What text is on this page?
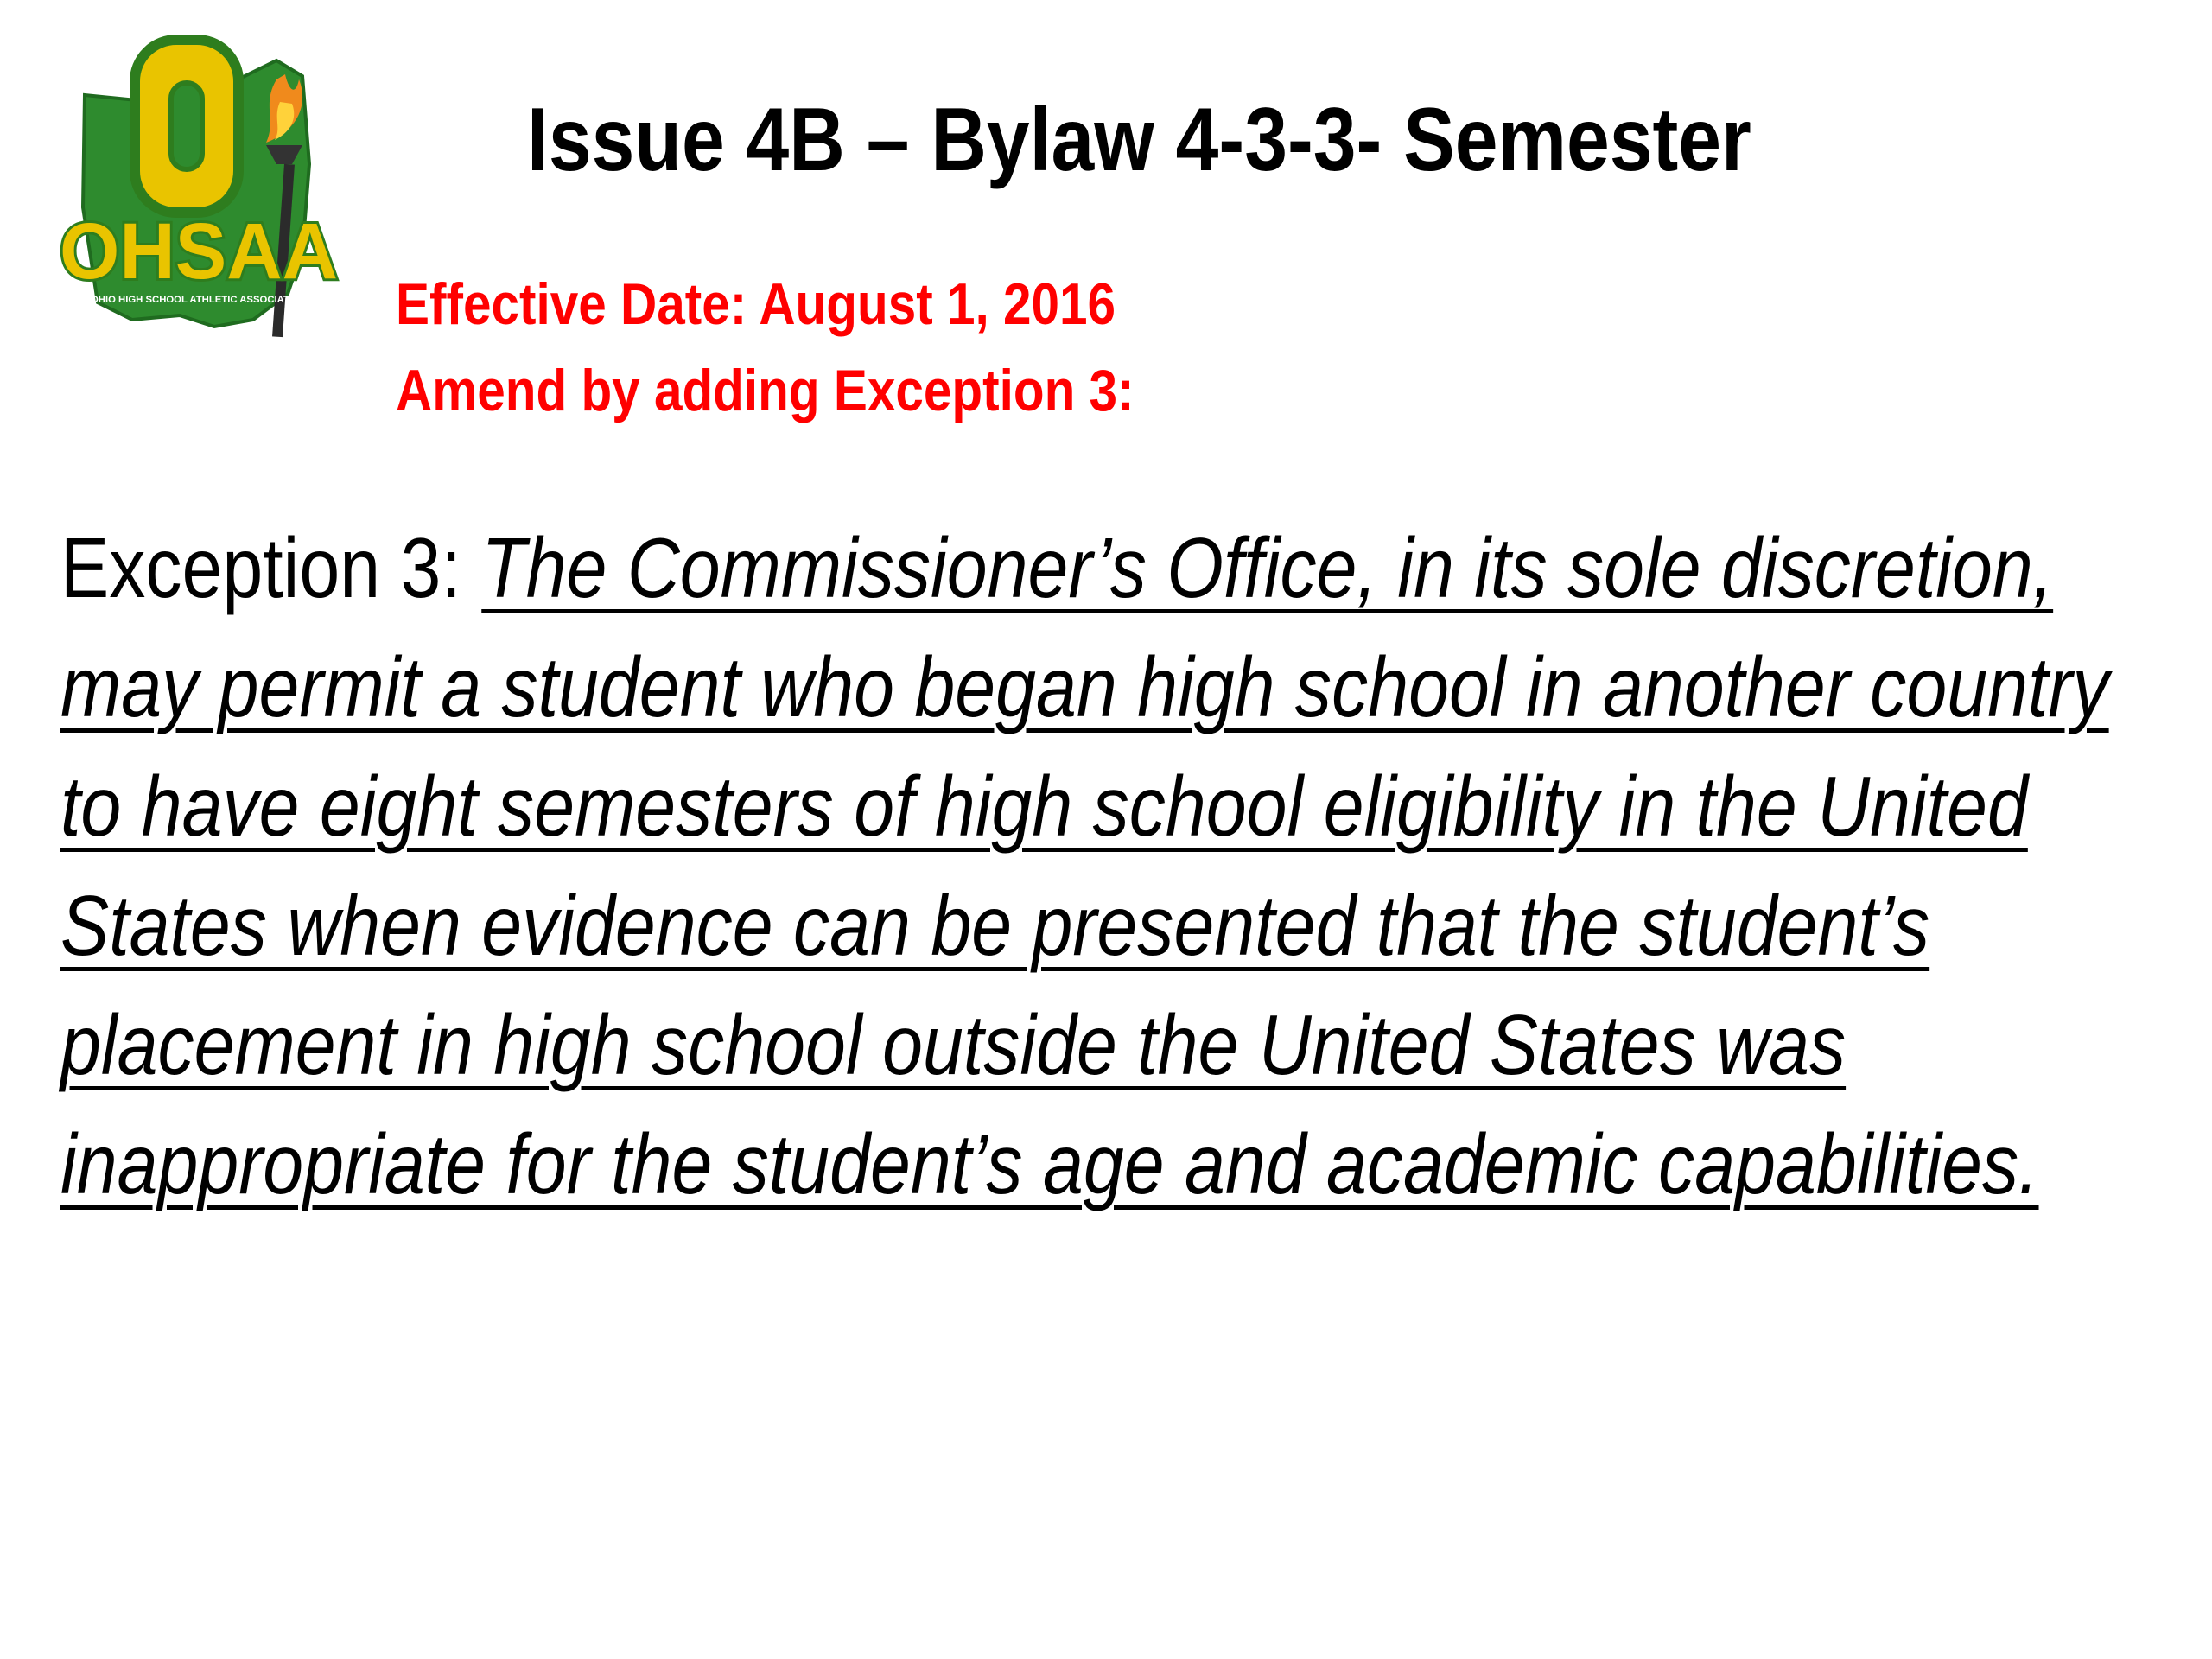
OHSAA
OHIO HIGH SCHOOL ATHLETIC ASSOCIATION
Issue 4B – Bylaw 4-3-3- Semester

Effective Date: August 1, 2016

Amend by adding Exception 3:

Exception 3: The Commissioner’s Office, in its sole discretion, may permit a student who began high school in another country to have eight semesters of high school eligibility in the United States when evidence can be presented that the student’s placement in high school outside the United States was inappropriate for the student’s age and academic capabilities.
